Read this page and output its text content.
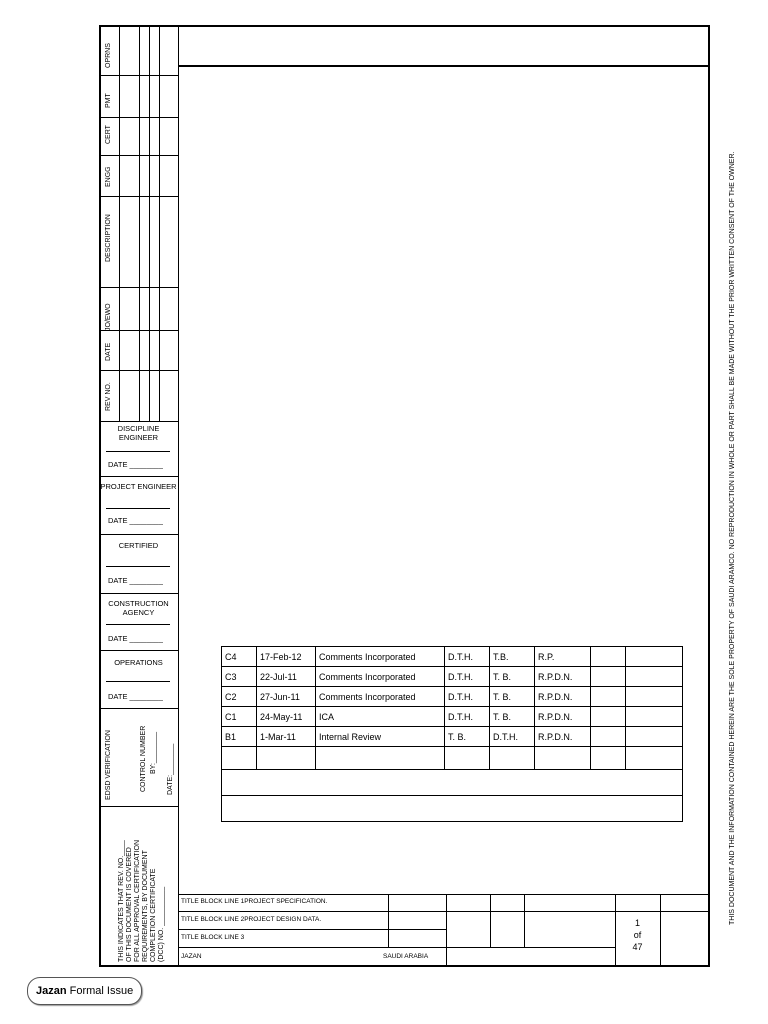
OPRNS
PMT
CERT
ENGG
DESCRIPTION
JO/EWO
DATE
REV NO.
DISCIPLINE ENGINEER
DATE ________
PROJECT ENGINEER
DATE ________
CERTIFIED
DATE ________
CONSTRUCTION AGENCY
DATE ________
OPERATIONS
DATE ________
EDSD VERIFICATION	CONTROL NUMBER BY:________ DATE:________
THIS INDICATES THAT REV. NO.____ OF THIS DOCUMENT IS COVERED FOR ALL APPROVAL CERTIFICATION REQUIREMENTS, BY DOCUMENT COMPLETION CERTIFICATE (DCC) NO. __________
C4	17-Feb-12	Comments Incorporated	D.T.H.	T.B.	R.P.		
C3	22-Jul-11	Comments Incorporated	D.T.H.	T. B.	R.P.D.N.		
C2	27-Jun-11	Comments Incorporated	D.T.H.	T. B.	R.P.D.N.		
C1	24-May-11	ICA	D.T.H.	T. B.	R.P.D.N.		
B1	1-Mar-11	Internal Review	T. B.	D.T.H.	R.P.D.N.		

TITLE BLOCK LINE 1PROJECT SPECIFICATION.
TITLE BLOCK LINE 2PROJECT DESIGN DATA.
TITLE BLOCK LINE 3
JAZAN	SAUDI ARABIA
1
of
47
THIS DOCUMENT AND THE INFORMATION CONTAINED HEREIN ARE THE SOLE PROPERTY OF SAUDI ARAMCO. NO REPRODUCTION IN WHOLE OR PART SHALL BE MADE WITHOUT THE PRIOR WRITTEN CONSENT OF THE OWNER.
Jazan Formal Issue
